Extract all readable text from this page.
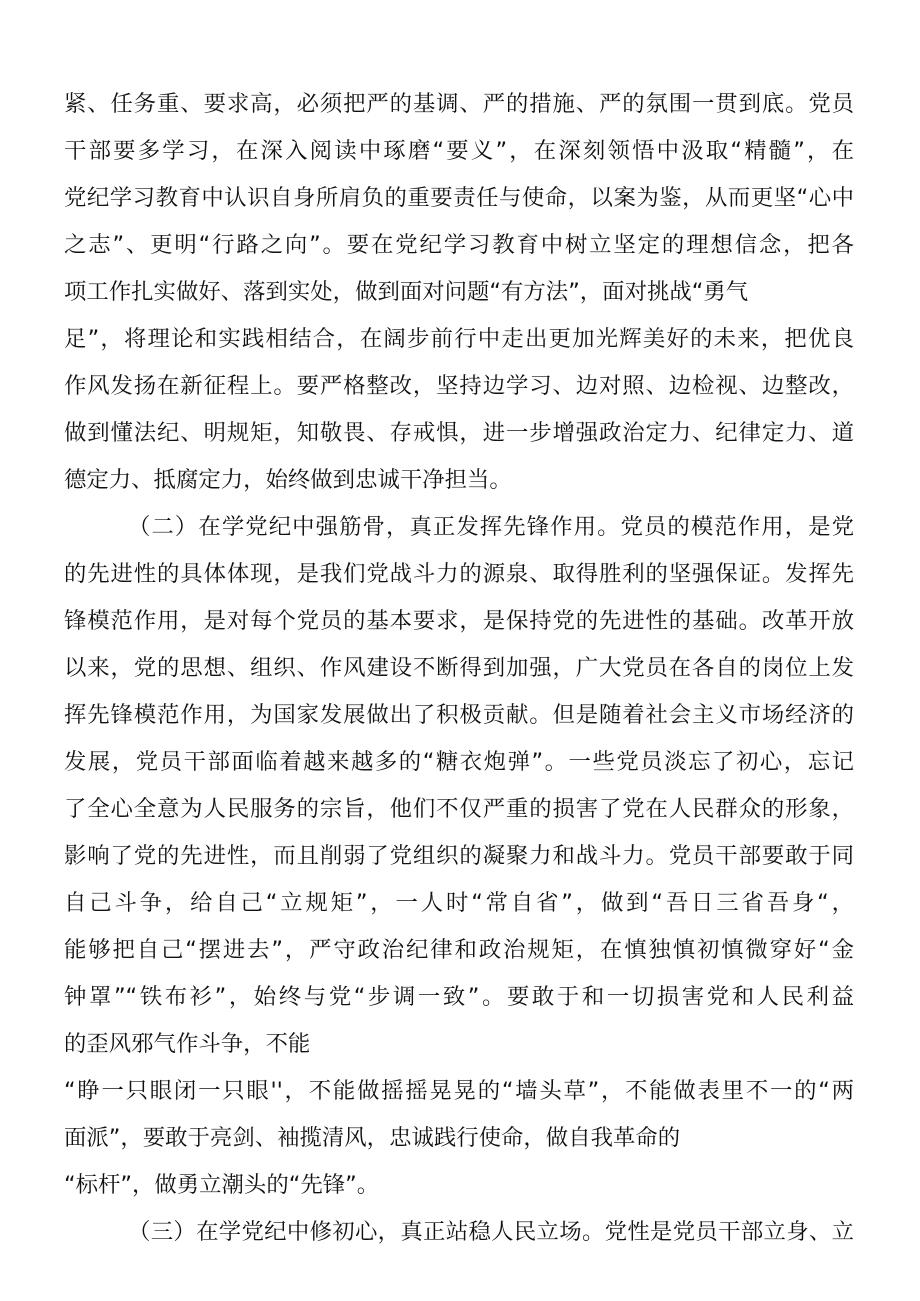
紧、任务重、要求高，必须把严的基调、严的措施、严的氛围一贯到底。党员
干部要多学习，在深入阅读中琢磨“要义”，在深刻领悟中汲取“精髓”，在
党纪学习教育中认识自身所肩负的重要责任与使命，以案为鉴，从而更坚“心中
之志”、更明“行路之向”。要在党纪学习教育中树立坚定的理想信念，把各
项工作扎实做好、落到实处，做到面对问题“有方法”，面对挑战“勇气
足”，将理论和实践相结合，在阔步前行中走出更加光辉美好的未来，把优良
作风发扬在新征程上。要严格整改，坚持边学习、边对照、边检视、边整改，
做到懂法纪、明规矩，知敬畏、存戒惧，进一步增强政治定力、纪律定力、道
德定力、抵腐定力，始终做到忠诚干净担当。
（二）在学党纪中强筋骨，真正发挥先锋作用。党员的模范作用，是党
的先进性的具体体现，是我们党战斗力的源泉、取得胜利的坚强保证。发挥先
锋模范作用，是对每个党员的基本要求，是保持党的先进性的基础。改革开放
以来，党的思想、组织、作风建设不断得到加强，广大党员在各自的岗位上发
挥先锋模范作用，为国家发展做出了积极贡献。但是随着社会主义市场经济的
发展，党员干部面临着越来越多的“糖衣炮弹”。一些党员淡忘了初心，忘记
了全心全意为人民服务的宗旨，他们不仅严重的损害了党在人民群众的形象，
影响了党的先进性，而且削弱了党组织的凝聚力和战斗力。党员干部要敢于同
自己斗争，给自己“立规矩”，一人时“常自省”，做到“吾日三省吾身“，
能够把自己“摆进去”，严守政治纪律和政治规矩，在慎独慎初慎微穿好“金
钟罩”“铁布衫”，始终与党“步调一致”。要敢于和一切损害党和人民利益
的歪风邪气作斗争，不能
“睁一只眼闭一只眼''，不能做摇摇晃晃的“墙头草”，不能做表里不一的“两
面派”，要敢于亮剑、袖揽清风，忠诚践行使命，做自我革命的
“标杆”，做勇立潮头的“先锋”。
（三）在学党纪中修初心，真正站稳人民立场。党性是党员干部立身、立
